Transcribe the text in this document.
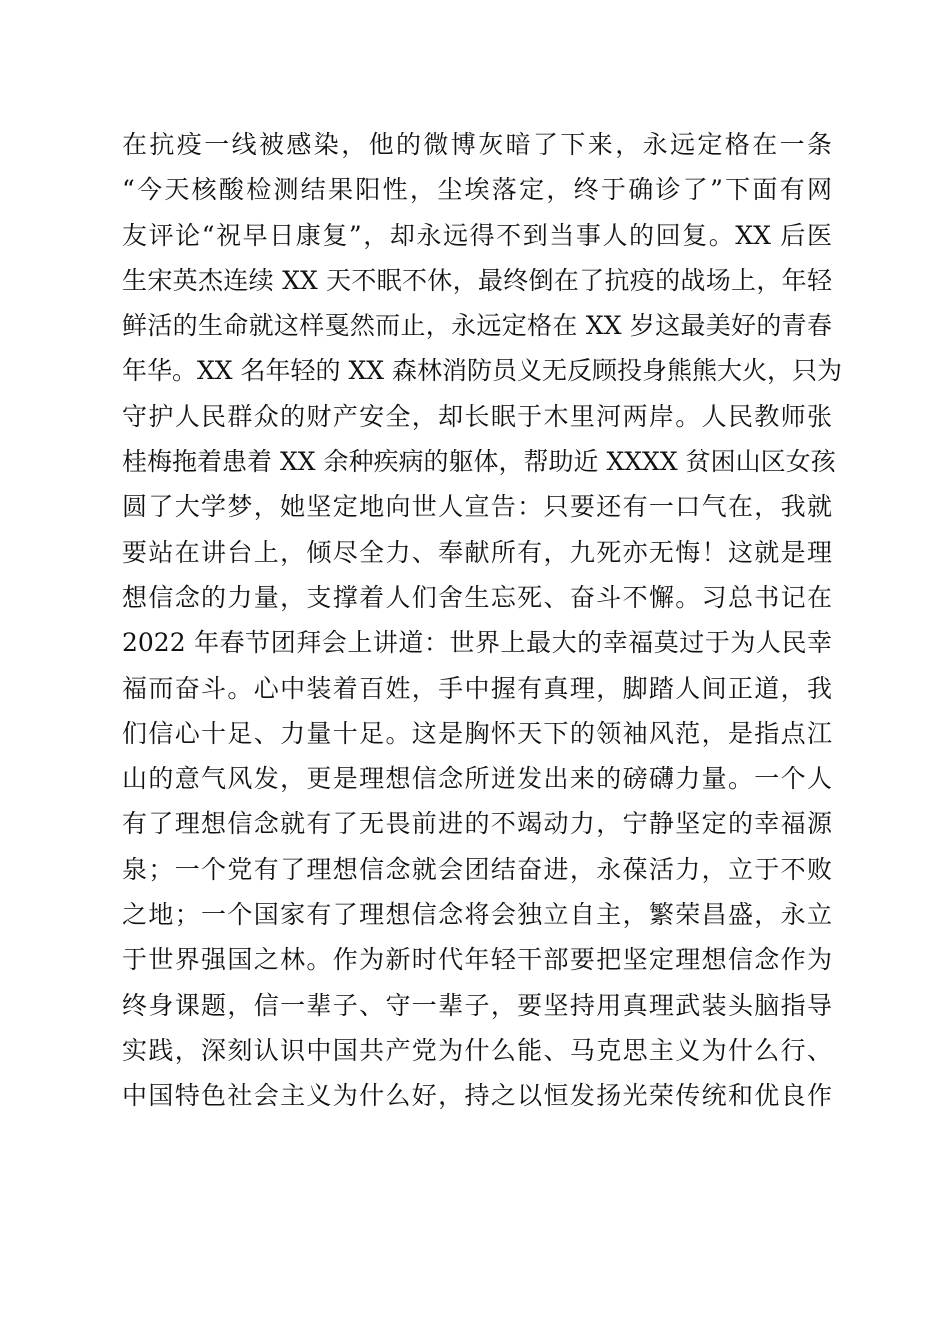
在抗疫一线被感染，他的微博灰暗了下来，永远定格在一条
“今天核酸检测结果阳性，尘埃落定，终于确诊了”下面有网
友评论“祝早日康复”，却永远得不到当事人的回复。XX 后医
生宋英杰连续 XX 天不眠不休，最终倒在了抗疫的战场上，年轻
鲜活的生命就这样戛然而止，永远定格在 XX 岁这最美好的青春
年华。XX 名年轻的 XX 森林消防员义无反顾投身熊熊大火，只为
守护人民群众的财产安全，却长眠于木里河两岸。人民教师张
桂梅拖着患着 XX 余种疾病的躯体，帮助近 XXXX 贫困山区女孩
圆了大学梦，她坚定地向世人宣告：只要还有一口气在，我就
要站在讲台上，倾尽全力、奉献所有，九死亦无悔！这就是理
想信念的力量，支撑着人们舍生忘死、奋斗不懈。习总书记在
2022 年春节团拜会上讲道：世界上最大的幸福莫过于为人民幸
福而奋斗。心中装着百姓，手中握有真理，脚踏人间正道，我
们信心十足、力量十足。这是胸怀天下的领袖风范，是指点江
山的意气风发，更是理想信念所迸发出来的磅礴力量。一个人
有了理想信念就有了无畏前进的不竭动力，宁静坚定的幸福源
泉；一个党有了理想信念就会团结奋进，永葆活力，立于不败
之地；一个国家有了理想信念将会独立自主，繁荣昌盛，永立
于世界强国之林。作为新时代年轻干部要把坚定理想信念作为
终身课题，信一辈子、守一辈子，要坚持用真理武装头脑指导
实践，深刻认识中国共产党为什么能、马克思主义为什么行、
中国特色社会主义为什么好，持之以恒发扬光荣传统和优良作
